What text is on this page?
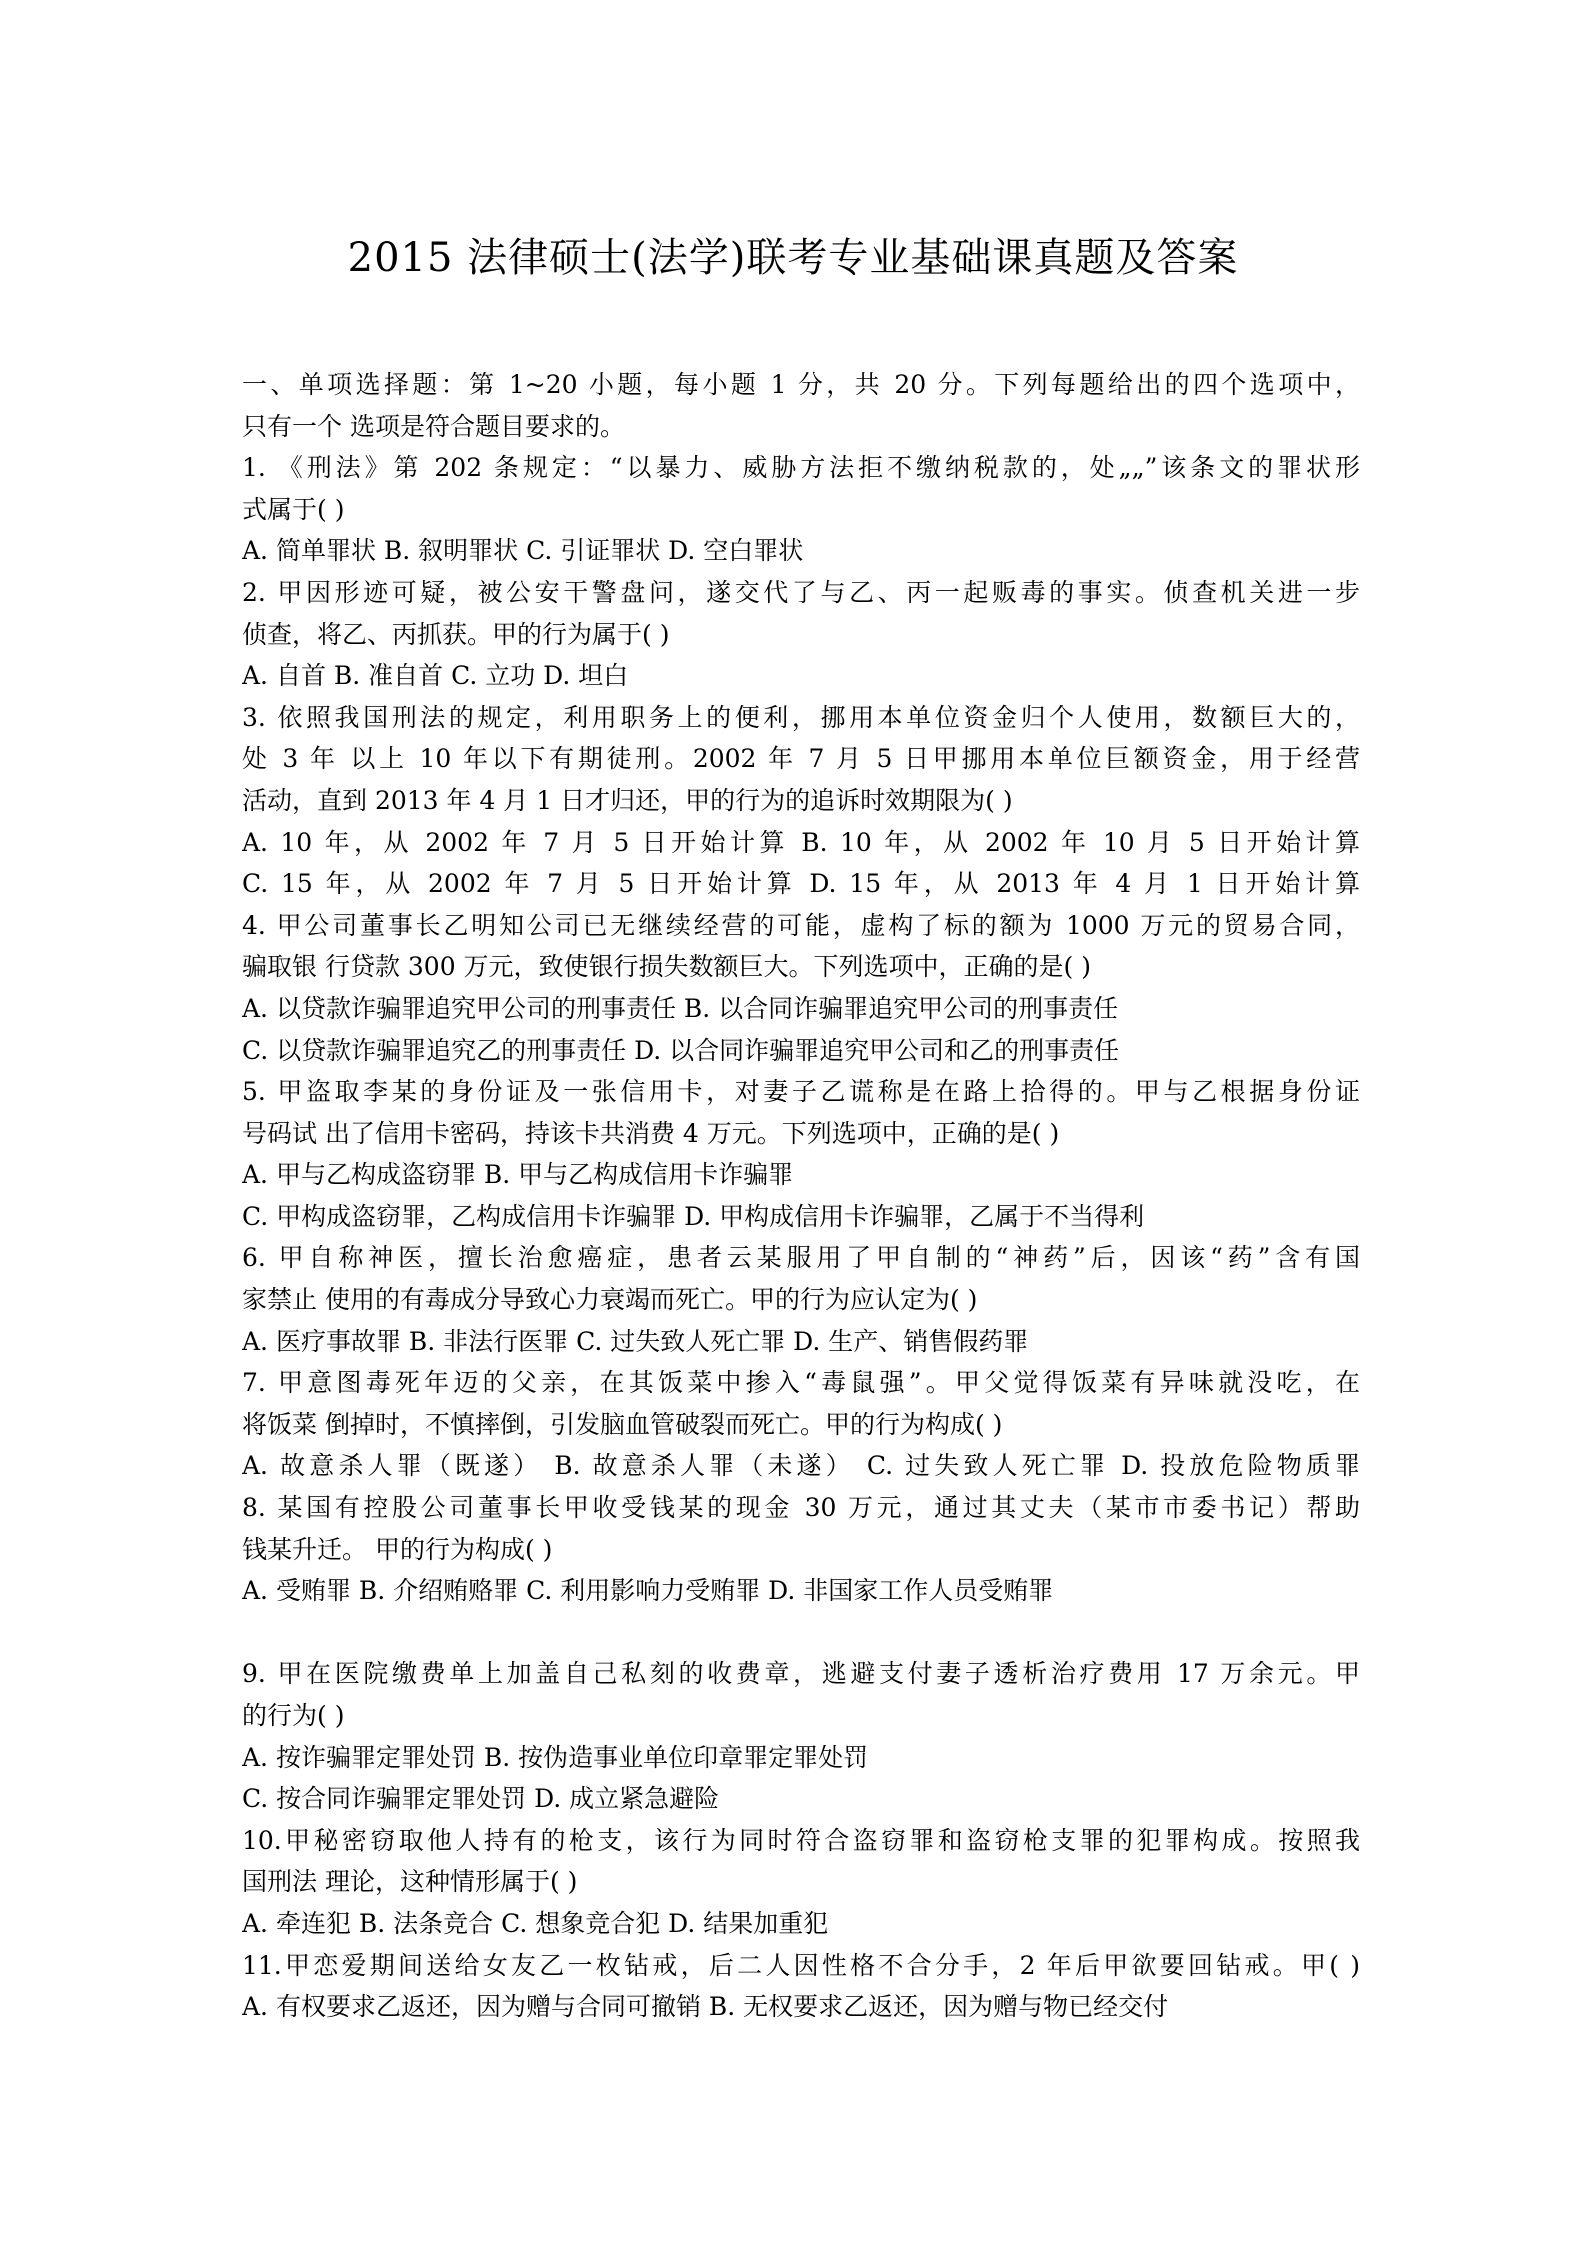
2015 法律硕士(法学)联考专业基础课真题及答案
一、单项选择题：第 1~20 小题，每小题 1 分，共 20 分。下列每题给出的四个选项中，
只有一个 选项是符合题目要求的。
1. 《刑法》第 202 条规定：“以暴力、威胁方法拒不缴纳税款的，处„„”该条文的罪状形
式属于( )
A. 简单罪状 B. 叙明罪状 C. 引证罪状 D. 空白罪状
2. 甲因形迹可疑，被公安干警盘问，遂交代了与乙、丙一起贩毒的事实。侦查机关进一步
侦查，将乙、丙抓获。甲的行为属于( )
A. 自首 B. 准自首 C. 立功 D. 坦白
3. 依照我国刑法的规定，利用职务上的便利，挪用本单位资金归个人使用，数额巨大的，
处 3 年 以上 10 年以下有期徒刑。2002 年 7 月 5 日甲挪用本单位巨额资金，用于经营
活动，直到 2013 年 4 月 1 日才归还，甲的行为的追诉时效期限为( )
A. 10 年，从 2002 年 7 月 5 日开始计算 B. 10 年，从 2002 年 10 月 5 日开始计算
C. 15 年，从 2002 年 7 月 5 日开始计算 D. 15 年，从 2013 年 4 月 1 日开始计算
4. 甲公司董事长乙明知公司已无继续经营的可能，虚构了标的额为 1000 万元的贸易合同，
骗取银 行贷款 300 万元，致使银行损失数额巨大。下列选项中，正确的是( )
A. 以贷款诈骗罪追究甲公司的刑事责任 B. 以合同诈骗罪追究甲公司的刑事责任
C. 以贷款诈骗罪追究乙的刑事责任 D. 以合同诈骗罪追究甲公司和乙的刑事责任
5. 甲盗取李某的身份证及一张信用卡，对妻子乙谎称是在路上拾得的。甲与乙根据身份证
号码试 出了信用卡密码，持该卡共消费 4 万元。下列选项中，正确的是( )
A. 甲与乙构成盗窃罪 B. 甲与乙构成信用卡诈骗罪
C. 甲构成盗窃罪，乙构成信用卡诈骗罪 D. 甲构成信用卡诈骗罪，乙属于不当得利
6. 甲自称神医，擅长治愈癌症，患者云某服用了甲自制的“神药”后，因该“药”含有国
家禁止 使用的有毒成分导致心力衰竭而死亡。甲的行为应认定为( )
A. 医疗事故罪 B. 非法行医罪 C. 过失致人死亡罪 D. 生产、销售假药罪
7. 甲意图毒死年迈的父亲，在其饭菜中掺入“毒鼠强”。甲父觉得饭菜有异味就没吃，在
将饭菜 倒掉时，不慎摔倒，引发脑血管破裂而死亡。甲的行为构成( )
A. 故意杀人罪（既遂） B. 故意杀人罪（未遂） C. 过失致人死亡罪 D. 投放危险物质罪
8. 某国有控股公司董事长甲收受钱某的现金 30 万元，通过其丈夫（某市市委书记）帮助
钱某升迁。 甲的行为构成( )
A. 受贿罪 B. 介绍贿赂罪 C. 利用影响力受贿罪 D. 非国家工作人员受贿罪
9. 甲在医院缴费单上加盖自己私刻的收费章，逃避支付妻子透析治疗费用 17 万余元。甲
的行为( )
A. 按诈骗罪定罪处罚 B. 按伪造事业单位印章罪定罪处罚
C. 按合同诈骗罪定罪处罚 D. 成立紧急避险
10.甲秘密窃取他人持有的枪支，该行为同时符合盗窃罪和盗窃枪支罪的犯罪构成。按照我
国刑法 理论，这种情形属于( )
A. 牵连犯 B. 法条竞合 C. 想象竞合犯 D. 结果加重犯
11.甲恋爱期间送给女友乙一枚钻戒，后二人因性格不合分手，2 年后甲欲要回钻戒。甲( )
A. 有权要求乙返还，因为赠与合同可撤销 B. 无权要求乙返还，因为赠与物已经交付
